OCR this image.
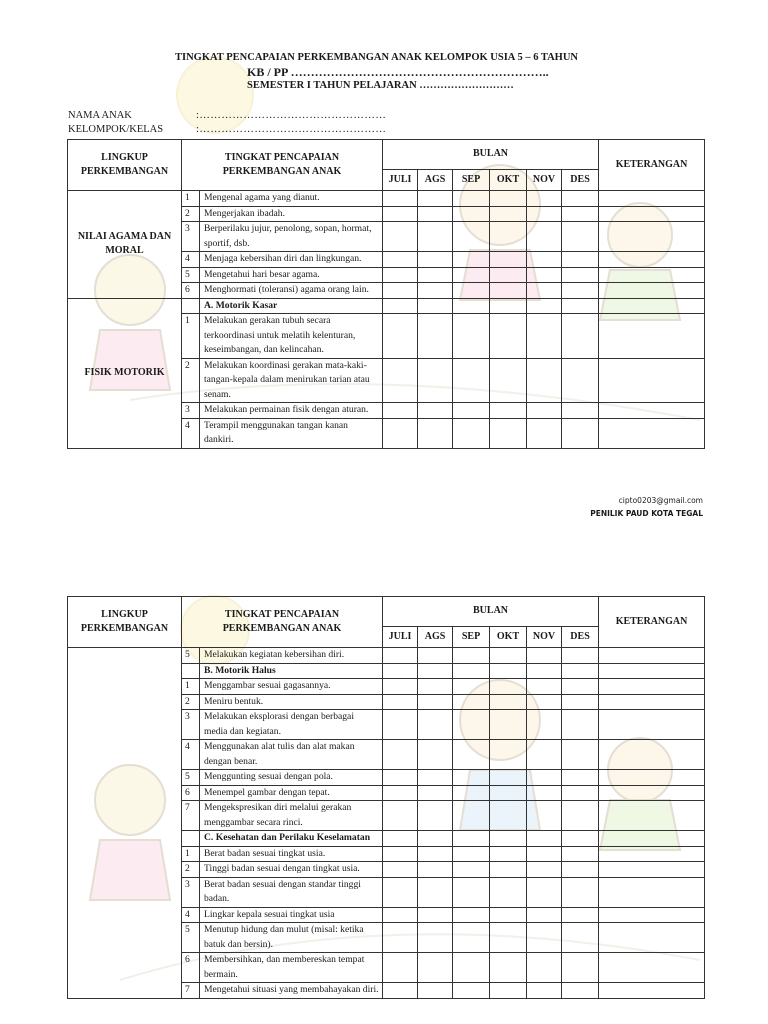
TINGKAT PENCAPAIAN PERKEMBANGAN ANAK KELOMPOK USIA 5 – 6 TAHUN
KB / PP ………………………………………………………..
SEMESTER I TAHUN PELAJARAN ………………………
NAMA ANAK	:……………………………………………
KELOMPOK/KELAS	:……………………………………………
LINGKUP PERKEMBANGAN	TINGKAT PENCAPAIAN PERKEMBANGAN ANAK		BULAN						KETERANGAN
			JULI	AGS	SEP	OKT	NOV	DES	
NILAI AGAMA DAN MORAL	1	Mengenal agama yang dianut.							
	2	Mengerjakan ibadah.							
	3	Berperilaku jujur, penolong, sopan, hormat, sportif, dsb.							
	4	Menjaga kebersihan diri dan lingkungan.							
	5	Mengetahui hari besar agama.							
	6	Menghormati (toleransi) agama orang lain.							
FISIK MOTORIK		A. Motorik Kasar							
	1	Melakukan gerakan tubuh secara terkoordinasi untuk melatih kelenturan, keseimbangan, dan kelincahan.							
	2	Melakukan koordinasi gerakan mata-kaki-tangan-kepala dalam menirukan tarian atau senam.							
	3	Melakukan permainan fisik dengan aturan.							
	4	Terampil menggunakan tangan kanan dankiri.							
cipto0203@gmail.com
PENILIK PAUD KOTA TEGAL
LINGKUP PERKEMBANGAN	TINGKAT PENCAPAIAN PERKEMBANGAN ANAK		BULAN						KETERANGAN
			JULI	AGS	SEP	OKT	NOV	DES	
	5	Melakukan kegiatan kebersihan diri.							
		B. Motorik Halus							
	1	Menggambar sesuai gagasannya.							
	2	Meniru bentuk.							
	3	Melakukan eksplorasi dengan berbagai media dan kegiatan.							
	4	Menggunakan alat tulis dan alat makan dengan benar.							
	5	Menggunting sesuai dengan pola.							
	6	Menempel gambar dengan tepat.							
	7	Mengekspresikan diri melalui gerakan menggambar secara rinci.							
		C. Kesehatan dan Perilaku Keselamatan							
	1	Berat badan sesuai tingkat usia.							
	2	Tinggi badan sesuai dengan tingkat usia.							
	3	Berat badan sesuai dengan standar tinggi badan.							
	4	Lingkar kepala sesuai tingkat usia							
	5	Menutup hidung dan mulut (misal: ketika batuk dan bersin).							
	6	Membersihkan, dan membereskan tempat bermain.							
	7	Mengetahui situasi yang membahayakan diri.							
